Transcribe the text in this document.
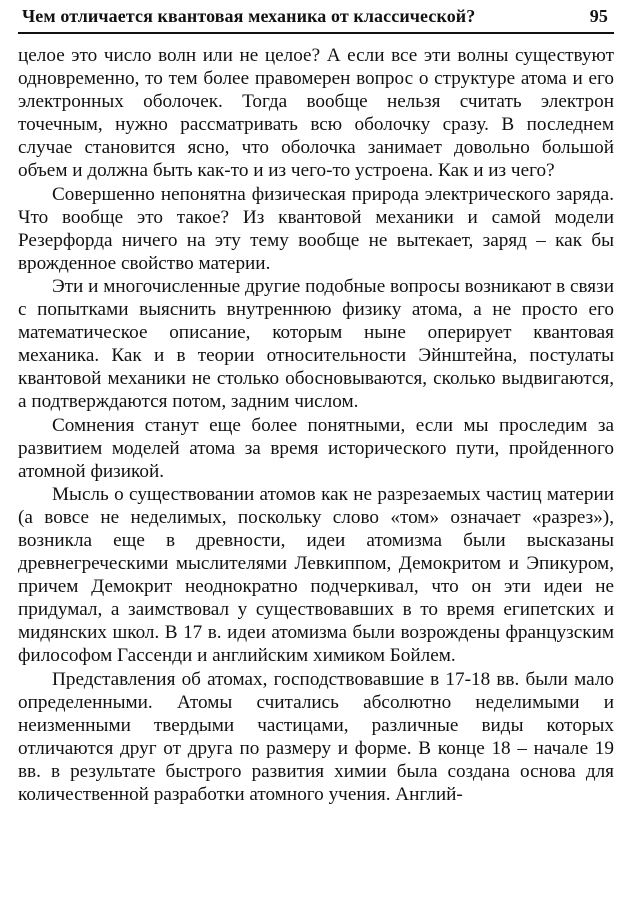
Чем отличается квантовая механика от классической?	95

целое это число волн или не целое? А если все эти волны существуют одновременно, то тем более правомерен вопрос о структуре атома и его электронных оболочек. Тогда вообще нельзя считать электрон точечным, нужно рассматривать всю оболочку сразу. В последнем случае становится ясно, что оболочка занимает довольно большой объем и должна быть как-то и из чего-то устроена. Как и из чего?

Совершенно непонятна физическая природа электрического заряда. Что вообще это такое? Из квантовой механики и самой модели Резерфорда ничего на эту тему вообще не вытекает, заряд – как бы врожденное свойство материи.

Эти и многочисленные другие подобные вопросы возникают в связи с попытками выяснить внутреннюю физику атома, а не просто его математическое описание, которым ныне оперирует квантовая механика. Как и в теории относительности Эйнштейна, постулаты квантовой механики не столько обосновываются, сколько выдвигаются, а подтверждаются потом, задним числом.

Сомнения станут еще более понятными, если мы проследим за развитием моделей атома за время исторического пути, пройденного атомной физикой.

Мысль о существовании атомов как не разрезаемых частиц материи (а вовсе не неделимых, поскольку слово «том» означает «разрез»), возникла еще в древности, идеи атомизма были высказаны древнегреческими мыслителями Левкиппом, Демокритом и Эпикуром, причем Демокрит неоднократно подчеркивал, что он эти идеи не придумал, а заимствовал у существовавших в то время египетских и мидянских школ. В 17 в. идеи атомизма были возрождены французским философом Гассенди и английским химиком Бойлем.

Представления об атомах, господствовавшие в 17-18 вв. были мало определенными. Атомы считались абсолютно неделимыми и неизменными твердыми частицами, различные виды которых отличаются друг от друга по размеру и форме. В конце 18 – начале 19 вв. в результате быстрого развития химии была создана основа для количественной разработки атомного учения. Англий-
